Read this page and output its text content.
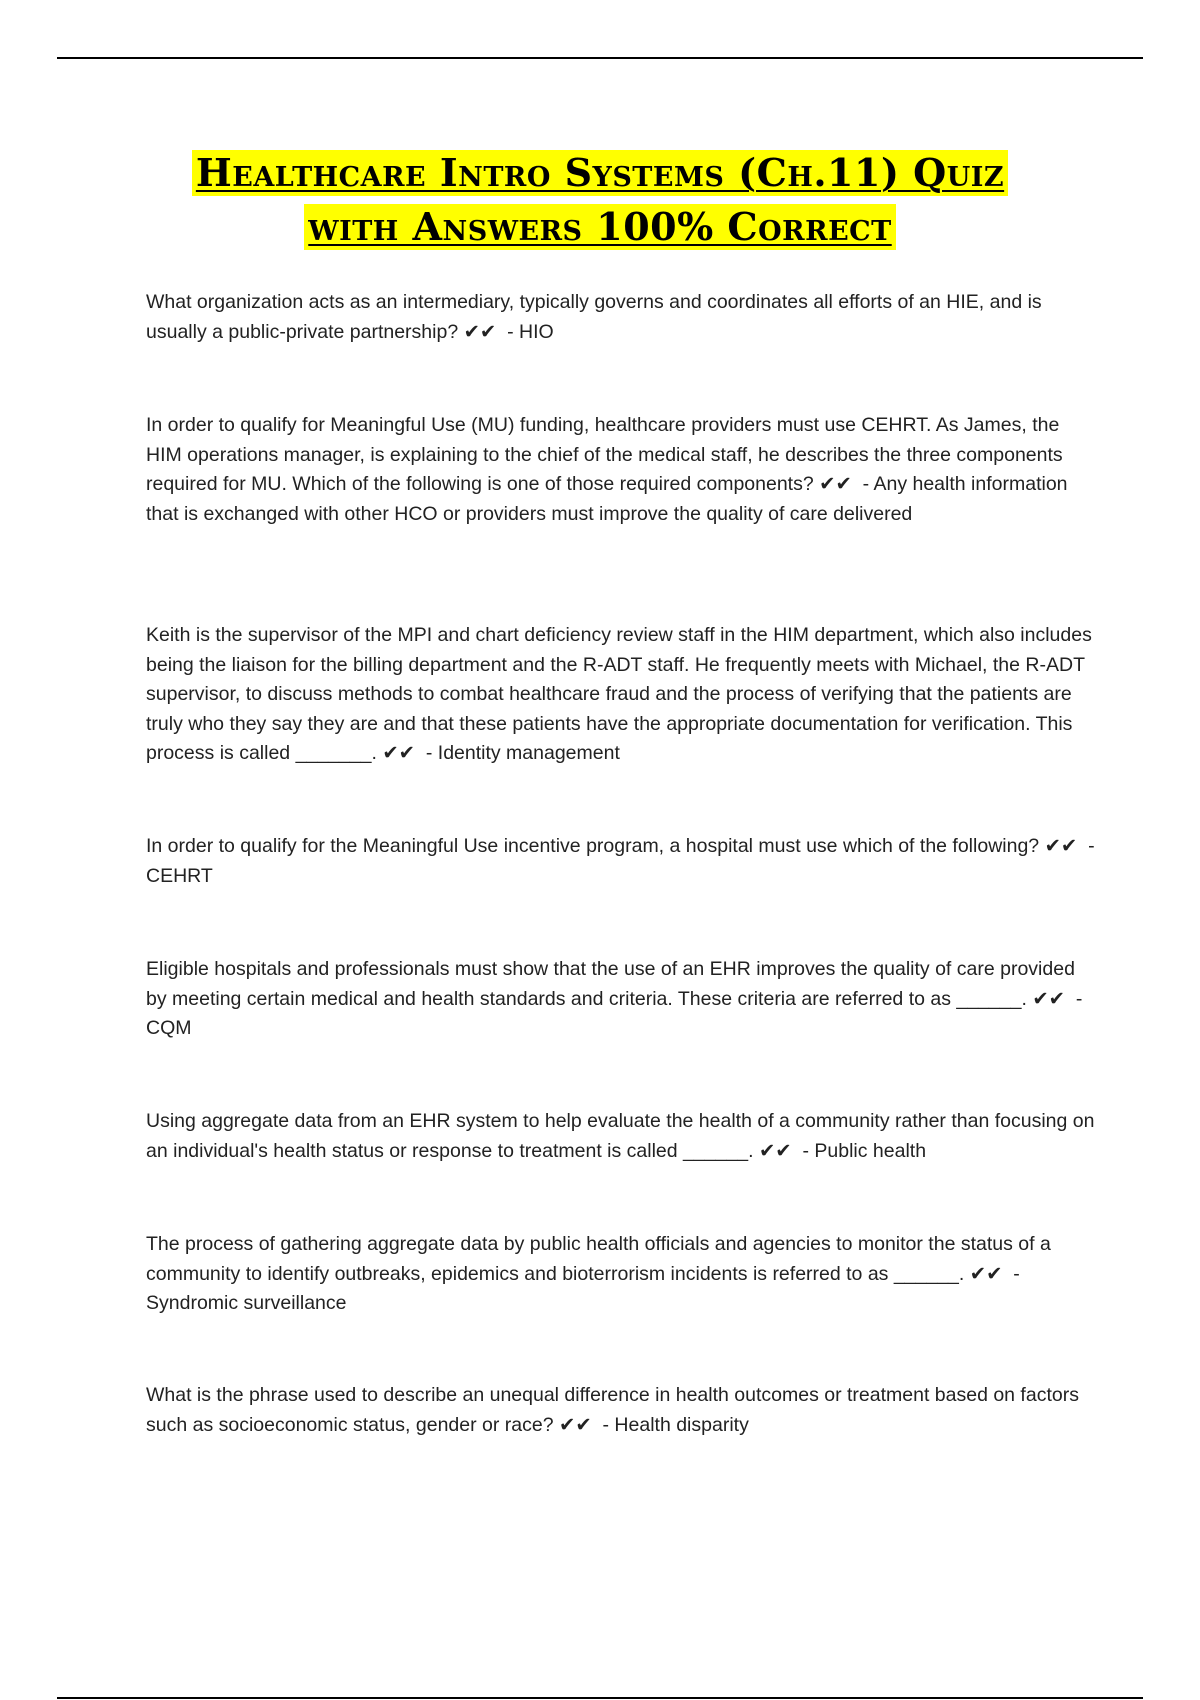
Healthcare Intro Systems (Ch.11) Quiz
with Answers 100% Correct

What organization acts as an intermediary, typically governs and coordinates all efforts of an HIE, and is usually a public-private partnership? ✔✔ - HIO

In order to qualify for Meaningful Use (MU) funding, healthcare providers must use CEHRT. As James, the HIM operations manager, is explaining to the chief of the medical staff, he describes the three components required for MU. Which of the following is one of those required components? ✔✔ - Any health information that is exchanged with other HCO or providers must improve the quality of care delivered

Keith is the supervisor of the MPI and chart deficiency review staff in the HIM department, which also includes being the liaison for the billing department and the R-ADT staff. He frequently meets with Michael, the R-ADT supervisor, to discuss methods to combat healthcare fraud and the process of verifying that the patients are truly who they say they are and that these patients have the appropriate documentation for verification. This process is called _______. ✔✔ - Identity management

In order to qualify for the Meaningful Use incentive program, a hospital must use which of the following? ✔✔ - CEHRT

Eligible hospitals and professionals must show that the use of an EHR improves the quality of care provided by meeting certain medical and health standards and criteria. These criteria are referred to as ______. ✔✔ - CQM

Using aggregate data from an EHR system to help evaluate the health of a community rather than focusing on an individual's health status or response to treatment is called ______. ✔✔ - Public health

The process of gathering aggregate data by public health officials and agencies to monitor the status of a community to identify outbreaks, epidemics and bioterrorism incidents is referred to as ______. ✔✔ - Syndromic surveillance

What is the phrase used to describe an unequal difference in health outcomes or treatment based on factors such as socioeconomic status, gender or race? ✔✔ - Health disparity
